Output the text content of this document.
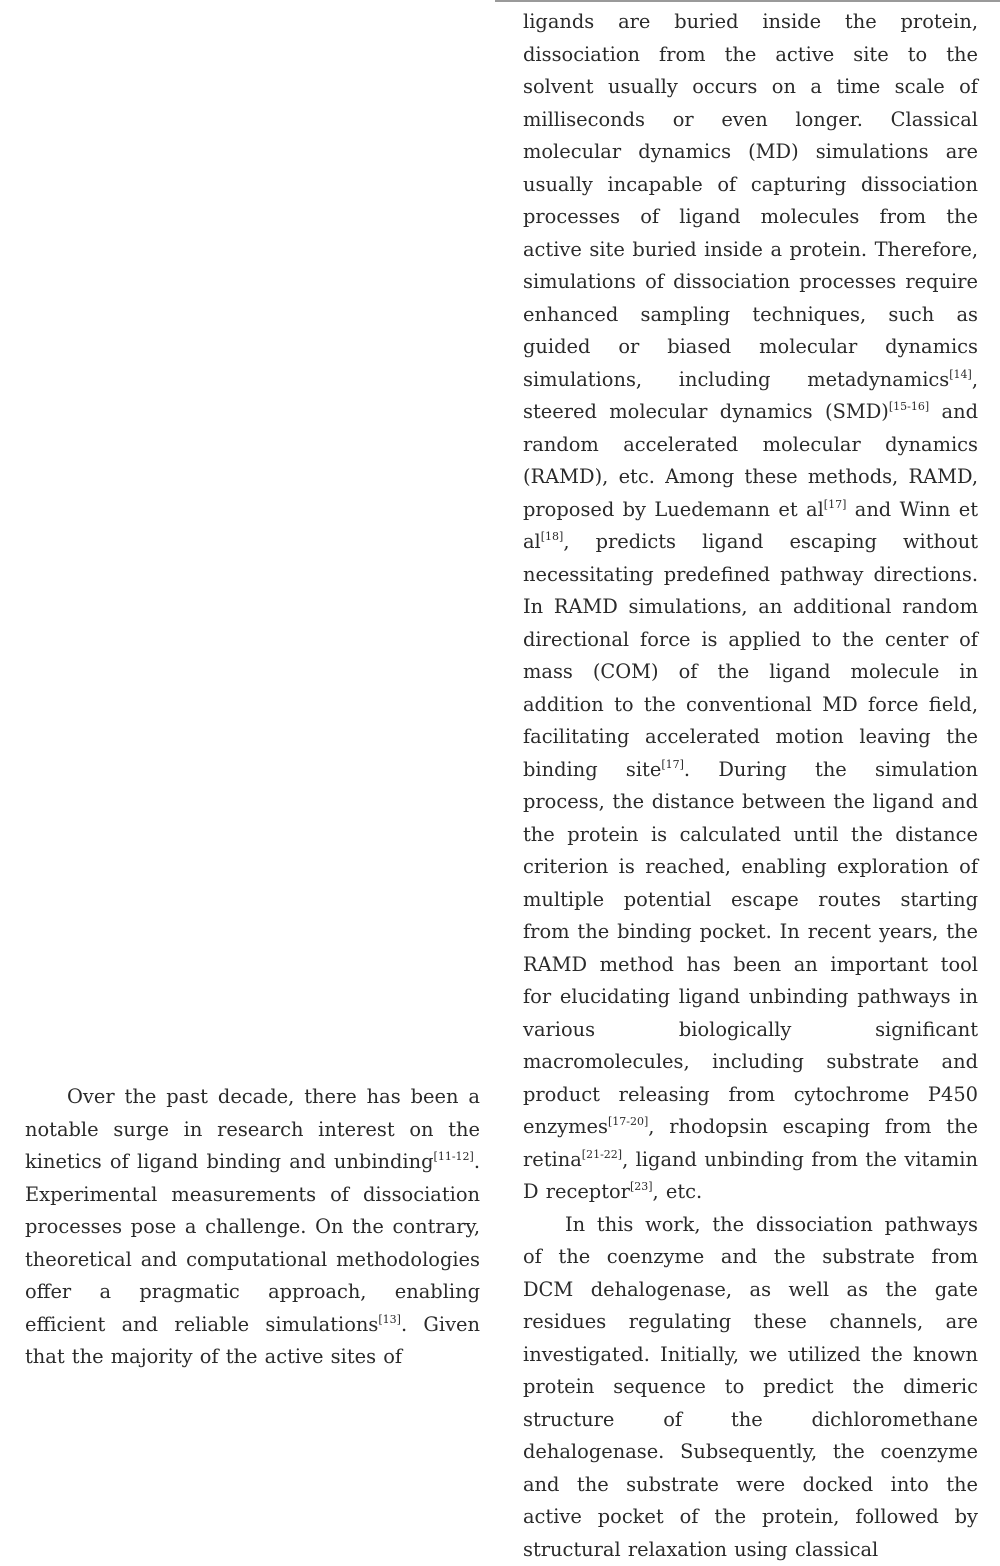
Over the past decade, there has been a notable surge in research interest on the kinetics of ligand binding and unbinding[11-12]. Experimental measurements of dissociation processes pose a challenge. On the contrary, theoretical and computational methodologies offer a pragmatic approach, enabling efficient and reliable simulations[13]. Given that the majority of the active sites of

ligands are buried inside the protein, dissociation from the active site to the solvent usually occurs on a time scale of milliseconds or even longer. Classical molecular dynamics (MD) simulations are usually incapable of capturing dissociation processes of ligand molecules from the active site buried inside a protein. Therefore, simulations of dissociation processes require enhanced sampling techniques, such as guided or biased molecular dynamics simulations, including metadynamics[14], steered molecular dynamics (SMD)[15-16] and random accelerated molecular dynamics (RAMD), etc. Among these methods, RAMD, proposed by Luedemann et al[17] and Winn et al[18], predicts ligand escaping without necessitating predefined pathway directions. In RAMD simulations, an additional random directional force is applied to the center of mass (COM) of the ligand molecule in addition to the conventional MD force field, facilitating accelerated motion leaving the binding site[17]. During the simulation process, the distance between the ligand and the protein is calculated until the distance criterion is reached, enabling exploration of multiple potential escape routes starting from the binding pocket. In recent years, the RAMD method has been an important tool for elucidating ligand unbinding pathways in various biologically significant macromolecules, including substrate and product releasing from cytochrome P450 enzymes[17-20], rhodopsin escaping from the retina[21-22], ligand unbinding from the vitamin D receptor[23], etc.

In this work, the dissociation pathways of the coenzyme and the substrate from DCM dehalogenase, as well as the gate residues regulating these channels, are investigated. Initially, we utilized the known protein sequence to predict the dimeric structure of the dichloromethane dehalogenase. Subsequently, the coenzyme and the substrate were docked into the active pocket of the protein, followed by structural relaxation using classical
